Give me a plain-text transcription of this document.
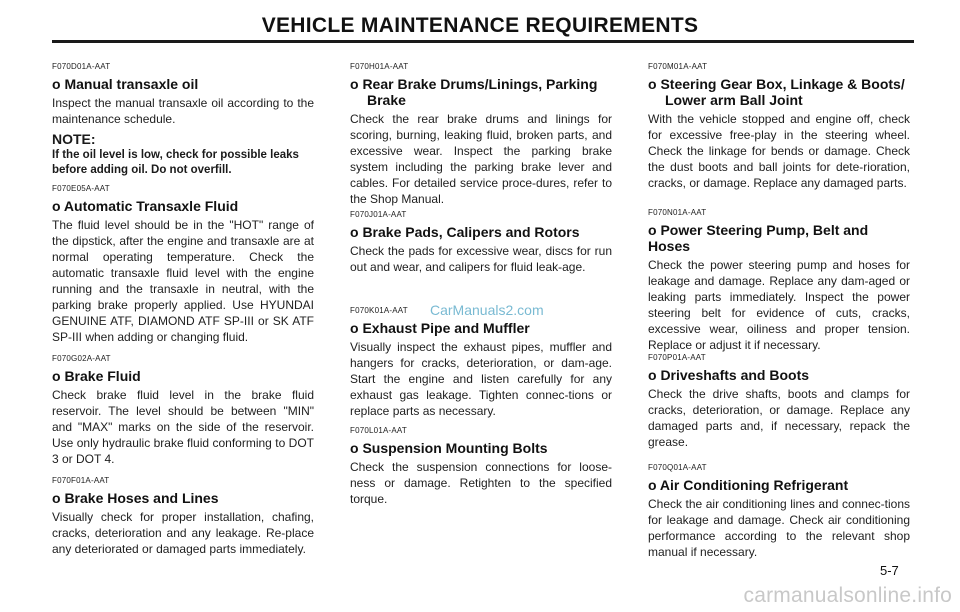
VEHICLE MAINTENANCE REQUIREMENTS
F070D01A-AAT
o Manual transaxle oil
Inspect the manual transaxle oil according to the maintenance schedule.
NOTE:
If the oil level is low, check for possible leaks before adding oil. Do not overfill.
F070E05A-AAT
o Automatic Transaxle Fluid
The fluid level should be in the "HOT" range of the dipstick, after the engine and transaxle are at normal operating temperature. Check the automatic transaxle fluid level with the engine running and the transaxle in neutral, with the parking brake properly applied. Use HYUNDAI GENUINE ATF, DIAMOND ATF SP-III or SK ATF SP-III when adding or changing fluid.
F070G02A-AAT
o Brake Fluid
Check brake fluid level in the brake fluid reservoir. The level should be between "MIN" and "MAX" marks on the side of the reservoir. Use only hydraulic brake fluid conforming to DOT 3 or DOT 4.
F070F01A-AAT
o Brake Hoses and Lines
Visually check for proper installation, chafing, cracks, deterioration and any leakage. Re-place any deteriorated or damaged parts immediately.
F070H01A-AAT
o Rear Brake Drums/Linings, Parking Brake
Check the rear brake drums and linings for scoring, burning, leaking fluid, broken parts, and excessive wear. Inspect the parking brake system including the parking brake lever and cables. For detailed service proce-dures, refer to the Shop Manual.
F070J01A-AAT
o Brake Pads, Calipers and Rotors
Check the pads for excessive wear, discs for run out and wear, and calipers for fluid leak-age.
F070K01A-AAT
o Exhaust Pipe and Muffler
Visually inspect the exhaust pipes, muffler and hangers for cracks, deterioration, or dam-age. Start the engine and listen carefully for any exhaust gas leakage. Tighten connec-tions or replace parts as necessary.
F070L01A-AAT
o Suspension Mounting Bolts
Check the suspension connections for loose-ness or damage. Retighten to the specified torque.
F070M01A-AAT
o Steering Gear Box, Linkage & Boots/ Lower arm Ball Joint
With the vehicle stopped and engine off, check for excessive free-play in the steering wheel. Check the linkage for bends or damage. Check the dust boots and ball joints for dete-rioration, cracks, or damage. Replace any damaged parts.
F070N01A-AAT
o Power Steering Pump, Belt and Hoses
Check the power steering pump and hoses for leakage and damage. Replace any dam-aged or leaking parts immediately. Inspect the power steering belt for evidence of cuts, cracks, excessive wear, oiliness and proper tension. Replace or adjust it if necessary.
F070P01A-AAT
o Driveshafts and Boots
Check the drive shafts, boots and clamps for cracks, deterioration, or damage. Replace any damaged parts and, if necessary, repack the grease.
F070Q01A-AAT
o Air Conditioning Refrigerant
Check the air conditioning lines and connec-tions for leakage and damage. Check air conditioning performance according to the relevant shop manual if necessary.
CarManuals2.com
5-7
carmanualsonline.info
